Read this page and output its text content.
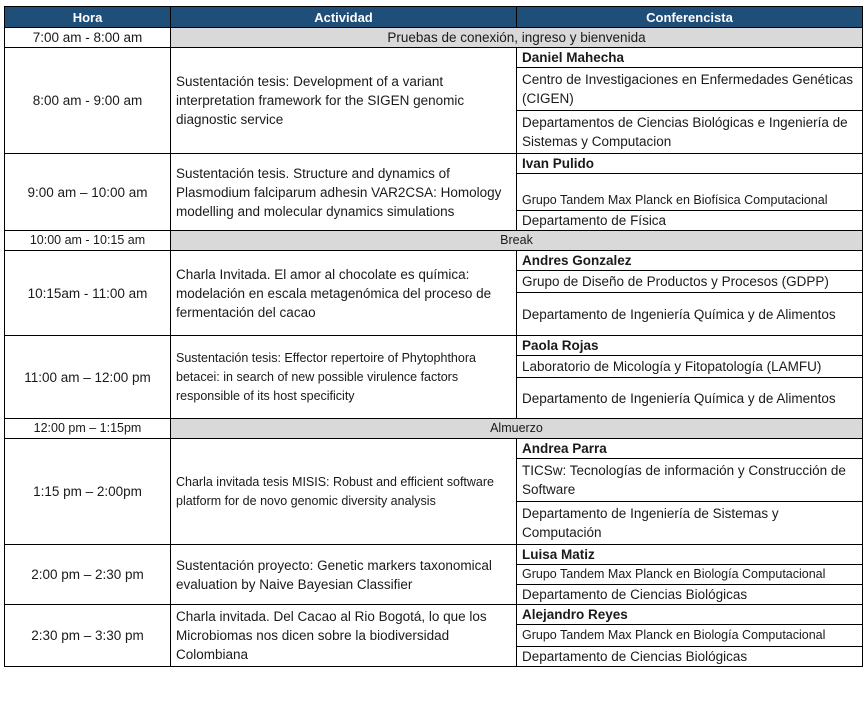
Hora	Actividad	Conferencista
7:00 am - 8:00 am	Pruebas de conexión, ingreso y bienvenida	
8:00 am - 9:00 am	Sustentación tesis: Development of a variant interpretation framework for the SIGEN genomic diagnostic service	Daniel Mahecha
		Centro de Investigaciones en Enfermedades Genéticas (CIGEN)
		Departamentos de Ciencias Biológicas e Ingeniería de Sistemas y Computacion
9:00 am – 10:00 am	Sustentación tesis. Structure and dynamics of Plasmodium falciparum adhesin VAR2CSA: Homology modelling and molecular dynamics simulations	Ivan Pulido
		Grupo Tandem Max Planck en Biofísica Computacional
		Departamento de Física
10:00 am - 10:15 am	Break	
10:15am - 11:00 am	Charla Invitada. El amor al chocolate es química: modelación en escala metagenómica del proceso de fermentación del cacao	Andres Gonzalez
		Grupo de Diseño de Productos y Procesos (GDPP)
		Departamento de Ingeniería Química y de Alimentos
11:00 am – 12:00 pm	Sustentación tesis: Effector repertoire of Phytophthora betacei: in search of new possible virulence factors responsible of its host specificity	Paola Rojas
		Laboratorio de Micología y Fitopatología (LAMFU)
		Departamento de Ingeniería Química y de Alimentos
12:00 pm – 1:15pm	Almuerzo	
1:15 pm – 2:00pm	Charla invitada tesis MISIS: Robust and efficient software platform for de novo genomic diversity analysis	Andrea Parra
		TICSw: Tecnologías de información y Construcción de Software
		Departamento de Ingeniería de Sistemas y Computación
2:00 pm – 2:30 pm	Sustentación proyecto: Genetic markers taxonomical evaluation by Naive Bayesian Classifier	Luisa Matiz
		Grupo Tandem Max Planck en Biología Computacional
		Departamento de Ciencias Biológicas
2:30 pm – 3:30 pm	Charla invitada. Del Cacao al Rio Bogotá, lo que los Microbiomas nos dicen sobre la biodiversidad Colombiana	Alejandro Reyes
		Grupo Tandem Max Planck en Biología Computacional
		Departamento de Ciencias Biológicas
